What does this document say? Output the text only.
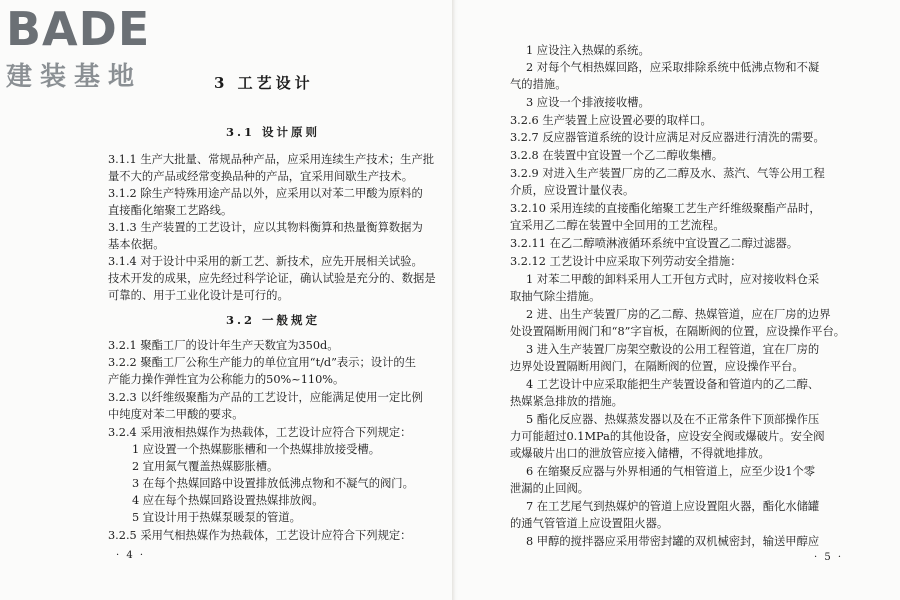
BADE
建装基地	3 工艺设计
3.1 设计原则
3.1.1 生产大批量、常规品种产品，应采用连续生产技术；生产批
量不大的产品或经常变换品种的产品，宜采用间歇生产技术。
3.1.2 除生产特殊用途产品以外，应采用以对苯二甲酸为原料的
直接酯化缩聚工艺路线。
3.1.3 生产装置的工艺设计，应以其物料衡算和热量衡算数据为
基本依据。
3.1.4 对于设计中采用的新工艺、新技术，应先开展相关试验。
技术开发的成果，应先经过科学论证，确认试验是充分的、数据是
可靠的、用于工业化设计是可行的。
3.2 一般规定
3.2.1 聚酯工厂的设计年生产天数宜为350d。
3.2.2 聚酯工厂公称生产能力的单位宜用“t/d”表示；设计的生
产能力操作弹性宜为公称能力的50%~110%。
3.2.3 以纤维级聚酯为产品的工艺设计，应能满足使用一定比例
中纯度对苯二甲酸的要求。
3.2.4 采用液相热媒作为热载体，工艺设计应符合下列规定：
1 应设置一个热媒膨胀槽和一个热媒排放接受槽。
2 宜用氮气覆盖热媒膨胀槽。
3 在每个热媒回路中设置排放低沸点物和不凝气的阀门。
4 应在每个热媒回路设置热媒排放阀。
5 宜设计用于热媒泵暖泵的管道。
3.2.5 采用气相热媒作为热载体，工艺设计应符合下列规定：
· 4 ·
1 应设注入热媒的系统。
2 对每个气相热媒回路，应采取排除系统中低沸点物和不凝
气的措施。
3 应设一个排液接收槽。
3.2.6 生产装置上应设置必要的取样口。
3.2.7 反应器管道系统的设计应满足对反应器进行清洗的需要。
3.2.8 在装置中宜设置一个乙二醇收集槽。
3.2.9 对进入生产装置厂房的乙二醇及水、蒸汽、气等公用工程
介质，应设置计量仪表。
3.2.10 采用连续的直接酯化缩聚工艺生产纤维级聚酯产品时，
宜采用乙二醇在装置中全回用的工艺流程。
3.2.11 在乙二醇喷淋液循环系统中宜设置乙二醇过滤器。
3.2.12 工艺设计中应采取下列劳动安全措施：
1 对苯二甲酸的卸料采用人工开包方式时，应对接收料仓采
取抽气除尘措施。
2 进、出生产装置厂房的乙二醇、热媒管道，应在厂房的边界
处设置隔断用阀门和“8”字盲板，在隔断阀的位置，应设操作平台。
3 进入生产装置厂房架空敷设的公用工程管道，宜在厂房的
边界处设置隔断用阀门，在隔断阀的位置，应设操作平台。
4 工艺设计中应采取能把生产装置设备和管道内的乙二醇、
热媒紧急排放的措施。
5 酯化反应器、热媒蒸发器以及在不正常条件下顶部操作压
力可能超过0.1MPa的其他设备，应设安全阀或爆破片。安全阀
或爆破片出口的泄放管应接入储槽，不得就地排放。
6 在缩聚反应器与外界相通的气相管道上，应至少设1个零
泄漏的止回阀。
7 在工艺尾气到热媒炉的管道上应设置阻火器，酯化水储罐
的通气管管道上应设置阻火器。
8 甲醇的搅拌器应采用带密封罐的双机械密封，输送甲醇应
· 5 ·
